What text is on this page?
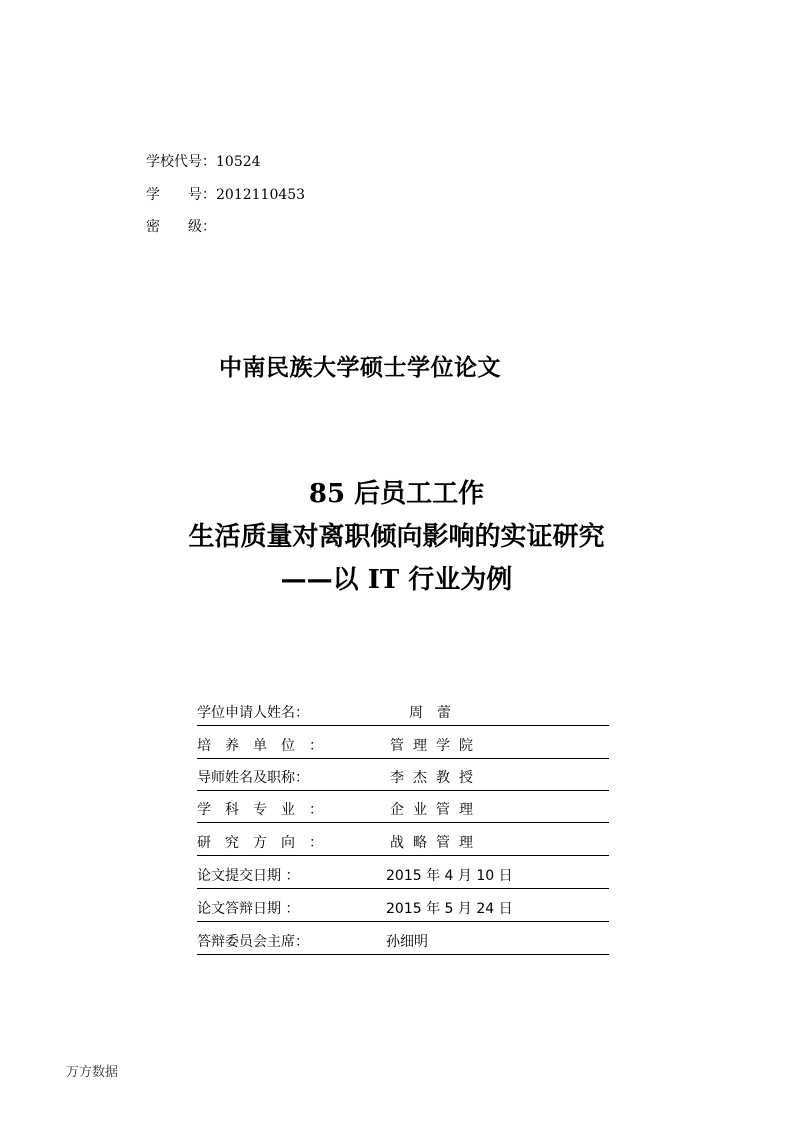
学校代号：10524
学　　号：2012110453
密　　级：
中南民族大学硕士学位论文
85 后员工工作
生活质量对离职倾向影响的实证研究
——以 IT 行业为例
学位申请人姓名：	周　蕾
培养单位：	管理学院
导师姓名及职称：	李杰教授
学科专业：	企业管理
研究方向：	战略管理
论文提交日期 ：	2015 年 4 月 10 日
论文答辩日期 ：	2015 年 5 月 24 日
答辩委员会主席：	孙细明
万方数据
